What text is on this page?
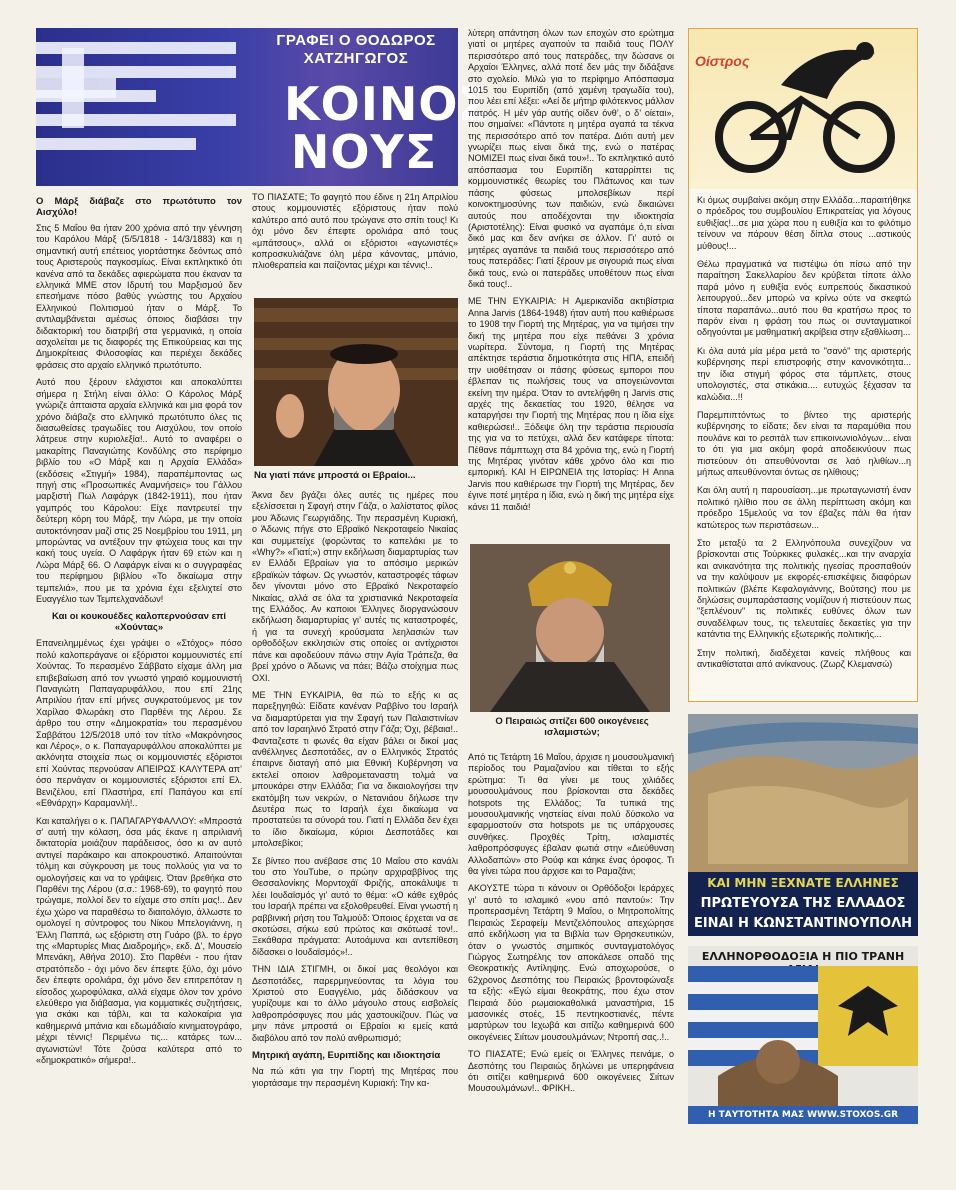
ΓΡΑΦΕΙ Ο ΘΟΔΩΡΟΣ ΧΑΤΖΗΓΩΓΟΣ
ΚΟΙΝΟΣ ΝΟΥΣ
Ο Μάρξ διάβαζε στο πρωτότυπο τον Αισχύλο!

Στις 5 Μαΐου θα ήταν 200 χρόνια από την γέννηση του Καρόλου Μάρξ (5/5/1818 - 14/3/1883) και η σημαντική αυτή επέτειος γιορτάστηκε δεόντως από τους Αριστερούς παγκοσμίως. Είναι εκπληκτικό ότι κανένα από τα δεκάδες αφιερώματα που έκαναν τα ελληνικά ΜΜΕ στον Ιδρυτή του Μαρξισμού δεν επεσήμανε πόσο βαθύς γνώστης του Αρχαίου Ελληνικού Πολιτισμού ήταν ο Μάρξ. Το αντιλαμβάνεται αμέσως όποιος διαβάσει την διδακτορική του διατριβή στα γερμανικά, η οποία ασχολείται με τις διαφορές της Επικούρειας και της Δημοκρίτειας Φιλοσοφίας και περιέχει δεκάδες φράσεις στο αρχαίο ελληνικό πρωτότυπο.

Αυτό που ξέρουν ελάχιστοι και αποκαλύπτει σήμερα η Στήλη είναι άλλο: Ο Κάρολος Μάρξ γνώριζε άπταιστα αρχαία ελληνικά και μια φορά τον χρόνο διάβαζε στο ελληνικό πρωτότυπο όλες τις διασωθείσες τραγωδίες του Αισχύλου, τον οποίο λάτρευε στην κυριολεξία!.. Αυτό το αναφέρει ο μακαρίτης Παναγιώτης Κονδύλης στο περίφημο βιβλίο του «Ο Μάρξ και η Αρχαία Ελλάδα» (εκδόσεις «Στιγμή» 1984), παραπέμποντας ως πηγή στις «Προσωπικές Αναμνήσεις» του Γάλλου μαρξιστή Πωλ Λαφάργκ (1842-1911), που ήταν γαμπρός του Κάρολου: Είχε παντρευτεί την δεύτερη κόρη του Μάρξ, την Λώρα, με την οποία αυτοκτόνησαν μαζί στις 25 Νοεμβρίου του 1911, μη μπορώντας να αντέξουν την φτώχεια τους και την κακή τους υγεία. Ο Λαφάργκ ήταν 69 ετών και η Λώρα Μάρξ 66. Ο Λαφάργκ είναι κι ο συγγραφέας του περίφημου βιβλίου «Το δικαίωμα στην τεμπελιά», που με τα χρόνια έχει εξελιχτεί στο Ευαγγέλιο των Τεμπελχανάδων!

Και οι κουκουέδες καλοπερνούσαν επί «Χούντας»

Επανειλημμένως έχει γράψει ο «Στόχος» πόσο πολύ καλοπεράγανε οι εξόριστοι κομμουνιστές επί Χούντας. Το περασμένο Σάββατο είχαμε άλλη μια επιβεβαίωση από τον γνωστό γηραιό κομμουνιστή Παναγιώτη Παπαγαρυφάλλου, που επί 21ης Απριλίου ήταν επί μήνες συγκρατούμενος με τον Χαρίλαο Φλωράκη στο Παρθένι της Λέρου. Σε άρθρο του στην «Δημοκρατία» του περασμένου Σαββάτου 12/5/2018 υπό τον τίτλο «Μακρόνησος και Λέρος», ο κ. Παπαγαρυφάλλου αποκαλύπτει με ακλόνητα στοιχεία πως οι κομμουνιστές εξόριστοι επί Χούντας περνούσαν ΑΠΕΙΡΩΣ ΚΑΛΥΤΕΡΑ απ’ όσο περνάγαν οι κομμουνιστές εξόριστοι επί Ελ. Βενιζέλου, επί Πλαστήρα, επί Παπάγου και επί «Εθνάρχη» Καραμανλή!..

Και καταλήγει ο κ. ΠΑΠΑΓΑΡΥΦΑΛΛΟΥ: «Μπροστά σ’ αυτή την κόλαση, όσα μάς έκανε η απριλιανή δικτατορία μοιάζουν παράδεισος, όσο κι αν αυτό αντιγεί παράκαιρο και αποκρουστικό. Απαιτούνται τόλμη και σύγκρουση με τους πολλούς για να το ομολογήσεις και να το γράψεις. Όταν βρεθήκα στο Παρθένι της Λέρου (σ.σ.: 1968-69), το φαγητό που τρώγαμε, πολλοί δεν το είχαμε στο σπίτι μας!.. Δεν έχω χώρο να παραθέσω το διαιτολόγιο, άλλωστε το ομολογεί η σύντροφος του Νίκου Μπελογιάννη, η Έλλη Παππά, ως εξόριστη στη Γυάρο (βλ. το έργο της «Μαρτυρίες Μιας Διαδρομής», εκδ. Δ’, Μουσείο Μπενάκη, Αθήνα 2010). Στο Παρθένι - που ήταν στρατόπεδο - όχι μόνο δεν έπεφτε ξύλο, όχι μόνο δεν έπεφτε ορολιάρα, όχι μόνο δεν επιτρεπόταν η είσοδος χωροφύλακα, αλλά είχαμε όλον τον χρόνο ελεύθερο για διάβασμα, για κομματικές συζητήσεις, για σκάκι και τάβλι, και τα καλοκαίρια για καθημερινά μπάνια και εδωμάδιαίο κινηματογράφο, μέχρι τέννις! Περιμένω τις... κατάρες των... αγωνιστών! Τότε ζούσα καλύτερα από το «δημοκρατικό» σήμερα!..

ΤΟ ΠΙΑΣΑΤΕ; Το φαγητό που έδινε η 21η Απριλίου στους κομμουνιστές εξόριστους ήταν πολύ καλύτερο από αυτό που τρώγανε στο σπίτι τους! Κι όχι μόνο δεν έπεφτε ορολιάρα από τους «μπάτσους», αλλά οι εξόριστοι «αγωνιστές» κοπροσκυλιάζανε όλη μέρα κάνοντας, μπάνιο, πλιοθεραπεία και παίζοντας μέχρι και τέννις!..

Να γιατί πάνε μπροστά οι Εβραίοι...

Άκνα δεν βγάζει όλες αυτές τις ημέρες που εξελίσσεται η Σφαγή στην Γάζα, ο λαλίστατος φίλος μου Άδωνις Γεωργιάδης. Την περασμένη Κυριακή, ο Άδωνις πήγε στο Εβραϊκό Νεκροταφείο Νικαίας και συμμετείχε (φορώντας το καπελάκι με το «Why?» «Γιατί;») στην εκδήλωση διαμαρτυρίας των εν Ελλάδι Εβραίων για το απόσιμο μερικών εβραϊκών τάφων. Ως γνωστόν, καταστροφές τάφων δεν γίνονται μόνο στο Εβραϊκό Νεκροταφείο Νικαίας, αλλά σε όλα τα χριστιανικά Νεκροταφεία της Ελλάδος. Αν καποιοι Έλληνες διοργανώσουν εκδήλωση διαμαρτυρίας γι’ αυτές τις καταστροφές, ή για τα συνεχή κρούσματα λεηλασιών των ορθοδόξων εκκλησιών στις οποίες οι αντίχριστοι πάνε και αφοδεύουν πάνω στην Αγία Τράπεζα, θα βρεί χρόνο ο Άδωνις να πάει; Βάζω στοίχημα πως ΟΧΙ.

ΜΕ ΤΗΝ ΕΥΚΑΙΡΙΑ, θα πώ το εξής κι ας παρεξηγηθώ: Είδατε κανέναν Ραββίνο του Ισραήλ να διαμαρτύρεται για την Σφαγή των Παλαιστινίων από τον Ισραηλινό Στρατό στην Γάζα; Όχι, βέβαια!.. Φανταζεστε τι φωνές θα είχαν βάλει οι δικοί μας ανθέλληνες Δεσποτάδες, αν ο Ελληνικός Στρατός έπαιρνε διαταγή από μια Εθνική Κυβέρνηση να εκτελεί οποιον λαθρομεταναστη τολμά να μπουκάρει στην Ελλάδα; Για να δικαιολογήσει την εκατόμβη των νεκρών, ο Νετανιάου δήλωσε την Δευτέρα πως το Ισραήλ έχει δικαίωμα να προστατεύει τα σύνορά του. Γιατί η Ελλάδα δεν έχει το ίδιο δικαίωμα, κύριοι Δεσποτάδες και μπολσεβίκοι;

Σε βίντεο που ανέβασε στις 10 Μαΐου στο κανάλι του στο YouTube, ο πρώην αρχιραββίνος της Θεσσαλονίκης Μορντοχάϊ Φριζής, αποκάλυψε τι λέει Ιουδαϊσμός γι’ αυτό το θέμα: «Ο κάθε εχθρός του Ισραήλ πρέπει να εξολοθρευθεί. Είναι γνωστή η ραββινική ρήση του Ταλμούδ: Όποιος έρχεται να σε σκοτώσει, σήκω εσύ πρώτος και σκότωσέ τον!.. Ξεκάθαρα πράγματα: Αυτοάμυνα και αντεπίθεση δίδασκει ο Ιουδαϊσμός»!..

ΤΗΝ ΙΔΙΑ ΣΤΙΓΜΗ, οι δικοί μας θεολόγοι και Δεσποτάδες, παρερμηνεύοντας τα λόγια του Χριστού στο Ευαγγέλιο, μάς διδάσκουν να γυρίζουμε και το άλλο μάγουλο στους εισβολείς λαθροπρόσφυγες που μάς χαστουκίζουν. Πώς να μην πάνε μπροστά οι Εβραίοι κι εμείς κατά διαβόλου από τον πολύ ανθρωπισμό;

Μητρική αγάπη, Ευριπίδης και ιδιοκτησία

Να πώ κάτι για την Γιορτή της Μητέρας που γιορτάσαμε την περασμένη Κυριακή: Την κα-

λύτερη απάντηση όλων των εποχών στο ερώτημα γιατί οι μητέρες αγαπούν τα παιδιά τους ΠΟΛΥ περισσότερο από τους πατεράδες, την δώσανε οι Αρχαίοι Έλληνες, αλλά ποτέ δεν μάς την διδάξανε στο σχολείο. Μιλώ για το περίφημο Απόσπασμα 1015 του Ευριπίδη (από χαμένη τραγωδία του), που λέει επί λέξει: «Αεί δε μήτηρ φιλότεκνος μάλλον πατρός. Η μέν γάρ αυτής οίδεν όνθ’, ο δ’ οίεται», που σημαίνει: «Πάντοτε η μητέρα αγαπά τα τέκνα της περισσότερο από τον πατέρα. Διότι αυτή μεν γνωρίζει πως είναι δικά της, ενώ ο πατέρας ΝΟΜΙΖΕΙ πως είναι δικά του»!.. Το εκπληκτικό αυτό απόσπασμα του Ευριπίδη καταρρίπτει τις κομμουνιστικές θεωρίες του Πλάτωνος και των πάσης φύσεως μπολσεβίκων περί κοινοκτημοσύνης των παιδιών, ενώ δικαιώνει αυτούς που αποδέχονται την ιδιοκτησία (Αριστοτέλης): Είναι φυσικό να αγαπάμε ό,τι είναι δικό μας και δεν ανήκει σε άλλον. Γι’ αυτό οι μητέρες αγαπάνε τα παιδιά τους περισσότερο από τους πατεράδες: Γιατί ξέρουν με σιγουριά πως είναι δικά τους, ενώ οι πατεράδες υποθέτουν πως είναι δικά τους!..

ΜΕ ΤΗΝ ΕΥΚΑΙΡΙΑ: Η Αμερικανίδα ακτιβίστρια Anna Jarvis (1864-1948) ήταν αυτή που καθιέρωσε το 1908 την Γιορτή της Μητέρας, για να τιμήσει την δική της μητέρα που είχε πεθάνει 3 χρόνια νωρίτερα. Σύντομα, η Γιορτή της Μητέρας απέκτησε τεράστια δημοτικότητα στις ΗΠΑ, επειδή την υιοθέτησαν οι πάσης φύσεως εμποροι που έβλεπαν τις πωλήσεις τους να απογειώνονται εκείνη την ημέρα. Όταν το αντελήφθη η Jarvis στις αρχές της δεκαετίας του 1920, θέλησε να καταργήσει την Γιορτή της Μητέρας που η ίδια είχε καθιερώσει!.. Ξόδεψε όλη την τεράστια περιουσία της για να το πετύχει, αλλά δεν κατάφερε τίποτα: Πέθανε πάμπτωχη στα 84 χρόνια της, ενώ η Γιορτή της Μητέρας γινόταν κάθε χρόνο όλο και πιο εμπορική. ΚΑΙ Η ΕΙΡΩΝΕΙΑ της Ιστορίας: Η Anna Jarvis που καθιέρωσε την Γιορτή της Μητέρας, δεν έγινε ποτέ μητέρα η ίδια, ενώ η δική της μητέρα είχε κάνει 11 παιδιά!

Ο Πειραιώς σιτίζει 600 οικογένειες ισλαμιστών;

Από τις Τετάρτη 16 Μαΐου, άρχισε η μουσουλμανική περίοδος του Ραμαζανίου και τίθεται το εξής ερώτημα: Τι θα γίνει με τους χιλιάδες μουσουλμάνους που βρίσκονται στα δεκάδες hotspots της Ελλάδος; Τα τυπικά της μουσουλμανικής νηστείας είναι πολύ δύσκολο να εφαρμοστούν στα hotspots με τις υπάρχουσες συνθήκες. Προχθές Τρίτη, ισλαμιστές λαθροπρόσφυγες έβαλαν φωτιά στην «Διεύθυνση Αλλοδαπών» στο Ρούφ και κάηκε ένας όροφος. Τι θα γίνει τώρα που άρχισε και το Ραμαζάνι;

ΑΚΟΥΣΤΕ τώρα τι κάνουν οι Ορθόδοξοι Ιεράρχες γι’ αυτό το ισλαμικό «νου από παντού»: Την προπερασμένη Τετάρτη 9 Μαΐου, ο Μητροπολίτης Πειραιώς Σεραφείμ Μεντζελόπουλος απεχώρησε από εκδήλωση για τα Βιβλία των Θρησκευτικών, όταν ο γνωστός σημιτικός συνταγματολόγος Γιώργος Σωτηρέλης τον αποκάλεσε οπαδό της Θεοκρατικής Αντίληψης. Ενώ αποχωρούσε, ο 62χρονος Δεσπότης του Πειραιώς βροντοφώναξε τα εξής: «Εγώ είμαι θεοκράτης, που έχω στον Πειραιά δύο ρωμαιοκαθολικά μαναστήρια, 15 μασονικές στοές, 15 πεντηκοστιανές, πέντε μαρτύρων του Ιεχωβά και σιτίζω καθημερινά 600 οικογένειες Σιίτων μουσουλμάνων; Ντροπή σας..!..

ΤΟ ΠΙΑΣΑΤΕ; Ενώ εμείς οι Έλληνες πεινάμε, ο Δεσπότης του Πειραιώς δηλώνει με υπερηφάνεια ότι σιτίζει καθημερινά 600 οικογένειες Σιίτων Μουσουλμάνων!.. ΦΡΙΚΗ..

Οίστρος

Κι όμως συμβαίνει ακόμη στην Ελλάδα...παραιτήθηκε ο πρόεδρος του συμβουλίου Επικρατείας για λόγους ευθιξίας!...σε μια χώρα που η ευθιξία και το φιλότιμο τείνουν να πάρουν θέση δίπλα στους ...αστικούς μύθους!...

Θέλω πραγματικά να πιστέψω ότι πίσω από την παραίτηση Σακελλαρίου δεν κρύβεται τίποτε άλλο παρά μόνο η ευθιξία ενός ευπρεπούς δικαστικού λειτουργού...δεν μπορώ να κρίνω ούτε να σκεφτώ τίποτα παραπάνω...αυτό που θα κρατήσω προς το παρόν είναι η φράση του πως οι συνταγματικοί οδηγούνται με μαθηματική ακρίβεια στην εξαθλίωση...

Κι όλα αυτά μία μέρα μετά το "σανό" της αριστερής κυβέρνησης περί επιστροφής στην κανονικότητα... την ίδια στιγμή φόρος στα τάμπλετς, στους υπολογιστές, στα στικάκια.... ευτυχώς ξέχασαν τα καλώδια...!!

Παρεμπιπτόντως το βίντεο της αριστερής κυβέρνησης το είδατε; δεν είναι τα παραμύθια που πουλάνε και το ρεσιτάλ των επικοινωνιολόγων... είναι το ότι για μια ακόμη φορά αποδεικνύουν πως πιστεύουν ότι απευθύνονται σε λαό ηλιθίων...η μήπως απευθύνονται όντως σε ηλίθιους;

Και όλη αυτή η παρουσίαση...με πρωταγωνιστή έναν πολιτικό ηλίθιο που σε άλλη περίπτωση ακόμη και πρόεδρο 15μελούς να τον έβαζες πάλι θα ήταν κατώτερος των περιστάσεων...

Στο μεταξύ τα 2 Ελληνόπουλα συνεχίζουν να βρίσκονται στις Τούρκικες φυλακές...και την αναρχία και ανικανότητα της πολιτικής ηγεσίας προσπαθούν να την καλύψουν με εκφορές-επισκέψεις διαφόρων πολιτικών (βλέπε Κεφαλογιάννης, Βούτσης) που με δηλώσεις συμπαράστασης νομίζουν ή πιστεύουν πως "ξεπλένουν" τις πολιτικές ευθύνες όλων των συναδέλφων τους, τις τελευταίες δεκαετίες για την κατάντια της Ελληνικής εξωτερικής πολιτικής...

Στην πολιτική, διαδέχεται κανείς πλήθους και αντικαθίσταται από ανίκανους. (Ζωρζ Κλεμανσώ)

ΚΑΙ ΜΗΝ ΞΕΧΝΑΤΕ ΕΛΛΗΝΕΣ
ΠΡΩΤΕΥΟΥΣΑ ΤΗΣ ΕΛΛΑΔΟΣ
ΕΙΝΑΙ Η ΚΩΝΣΤΑΝΤΙΝΟΥΠΟΛΗ
ΕΛΛΗΝΟΡΘΟΔΟΞΙΑ Η ΠΙΟ ΤΡΑΝΗ
Η ΤΑΥΤΟΤΗΤΑ ΜΑΣ WWW.STOXOS.GR
